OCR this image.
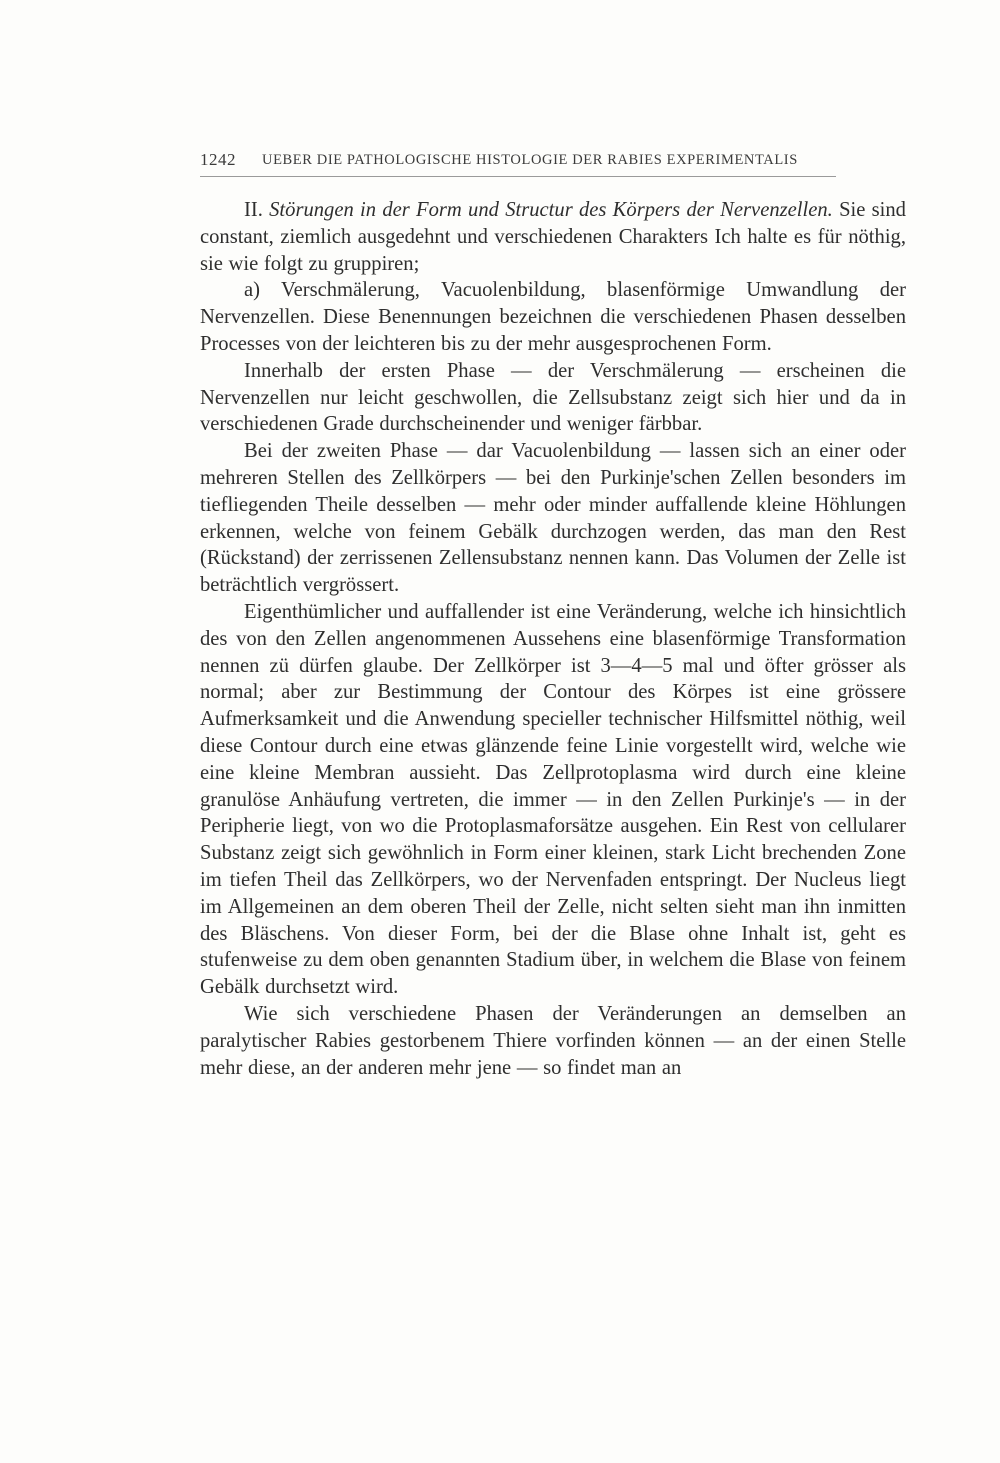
1242 UEBER DIE PATHOLOGISCHE HISTOLOGIE DER RABIES EXPERIMENTALIS

II. Störungen in der Form und Structur des Körpers der Nervenzellen. Sie sind constant, ziemlich ausgedehnt und verschiedenen Charakters Ich halte es für nöthig, sie wie folgt zu gruppiren;

a) Verschmälerung, Vacuolenbildung, blasenförmige Umwandlung der Nervenzellen. Diese Benennungen bezeichnen die verschiedenen Phasen desselben Processes von der leichteren bis zu der mehr ausgesprochenen Form.

Innerhalb der ersten Phase — der Verschmälerung — erscheinen die Nervenzellen nur leicht geschwollen, die Zellsubstanz zeigt sich hier und da in verschiedenen Grade durchscheinender und weniger färbbar.

Bei der zweiten Phase — dar Vacuolenbildung — lassen sich an einer oder mehreren Stellen des Zellkörpers — bei den Purkinje'schen Zellen besonders im tiefliegenden Theile desselben — mehr oder minder auffallende kleine Höhlungen erkennen, welche von feinem Gebälk durchzogen werden, das man den Rest (Rückstand) der zerrissenen Zellensubstanz nennen kann. Das Volumen der Zelle ist beträchtlich vergrössert.

Eigenthümlicher und auffallender ist eine Veränderung, welche ich hinsichtlich des von den Zellen angenommenen Aussehens eine blasenförmige Transformation nennen zü dürfen glaube. Der Zellkörper ist 3—4—5 mal und öfter grösser als normal; aber zur Bestimmung der Contour des Körpes ist eine grössere Aufmerksamkeit und die Anwendung specieller technischer Hilfsmittel nöthig, weil diese Contour durch eine etwas glänzende feine Linie vorgestellt wird, welche wie eine kleine Membran aussieht. Das Zellprotoplasma wird durch eine kleine granulöse Anhäufung vertreten, die immer — in den Zellen Purkinje's — in der Peripherie liegt, von wo die Protoplasmaforsätze ausgehen. Ein Rest von cellularer Substanz zeigt sich gewöhnlich in Form einer kleinen, stark Licht brechenden Zone im tiefen Theil das Zellkörpers, wo der Nervenfaden entspringt. Der Nucleus liegt im Allgemeinen an dem oberen Theil der Zelle, nicht selten sieht man ihn inmitten des Bläschens. Von dieser Form, bei der die Blase ohne Inhalt ist, geht es stufenweise zu dem oben genannten Stadium über, in welchem die Blase von feinem Gebälk durchsetzt wird.

Wie sich verschiedene Phasen der Veränderungen an demselben an paralytischer Rabies gestorbenem Thiere vorfinden können — an der einen Stelle mehr diese, an der anderen mehr jene — so findet man an
